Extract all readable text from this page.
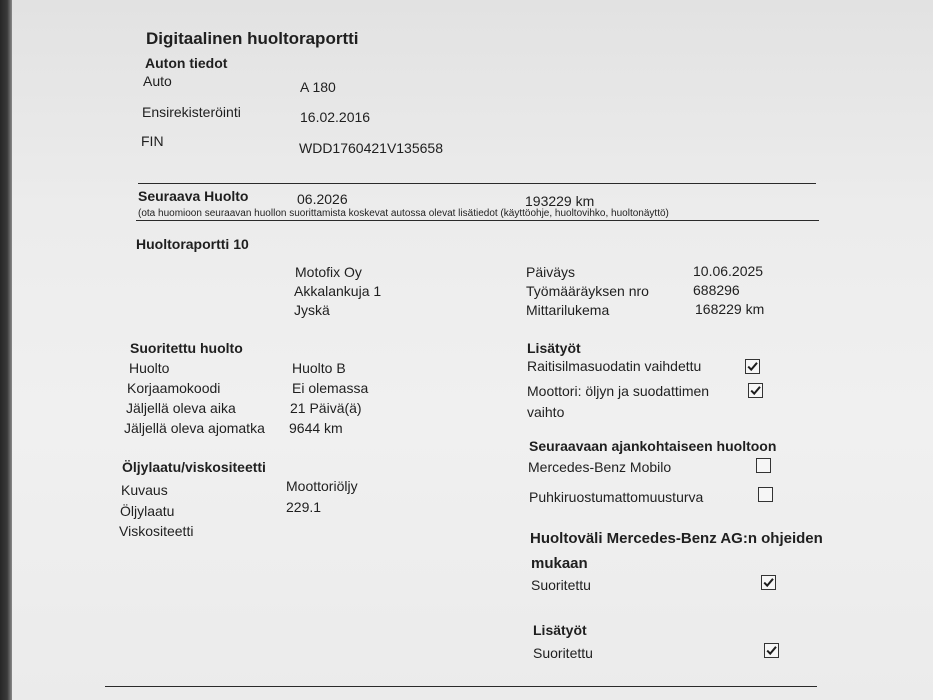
Digitaalinen huoltoraportti
Auton tiedot
Auto	A 180
Ensirekisteröinti	16.02.2016
FIN	WDD1760421V135658
Seuraava Huolto	06.2026	193229 km
(ota huomioon seuraavan huollon suorittamista koskevat autossa olevat lisätiedot (käyttöohje, huoltovihko, huoltonäyttö)
Huoltoraportti 10
Motofix Oy
Akkalankuja 1
Jyskä
Päiväys	10.06.2025
Työmääräyksen nro	688296
Mittarilukema	168229 km
Suoritettu huolto
Huolto	Huolto B
Korjaamokoodi	Ei olemassa
Jäljellä oleva aika	21 Päivä(ä)
Jäljellä oleva ajomatka 9644 km
Öljylaatu/viskositeetti
Kuvaus	Moottoriöljy
Öljylaatu	229.1
Viskositeetti
Lisätyöt
Raitisilmasuodatin vaihdettu
Moottori: öljyn ja suodattimen
vaihto
Seuraavaan ajankohtaiseen huoltoon
Mercedes-Benz Mobilo
Puhkiruostumattomuusturva
Huoltoväli Mercedes-Benz AG:n ohjeiden
mukaan
Suoritettu
Lisätyöt
Suoritettu
